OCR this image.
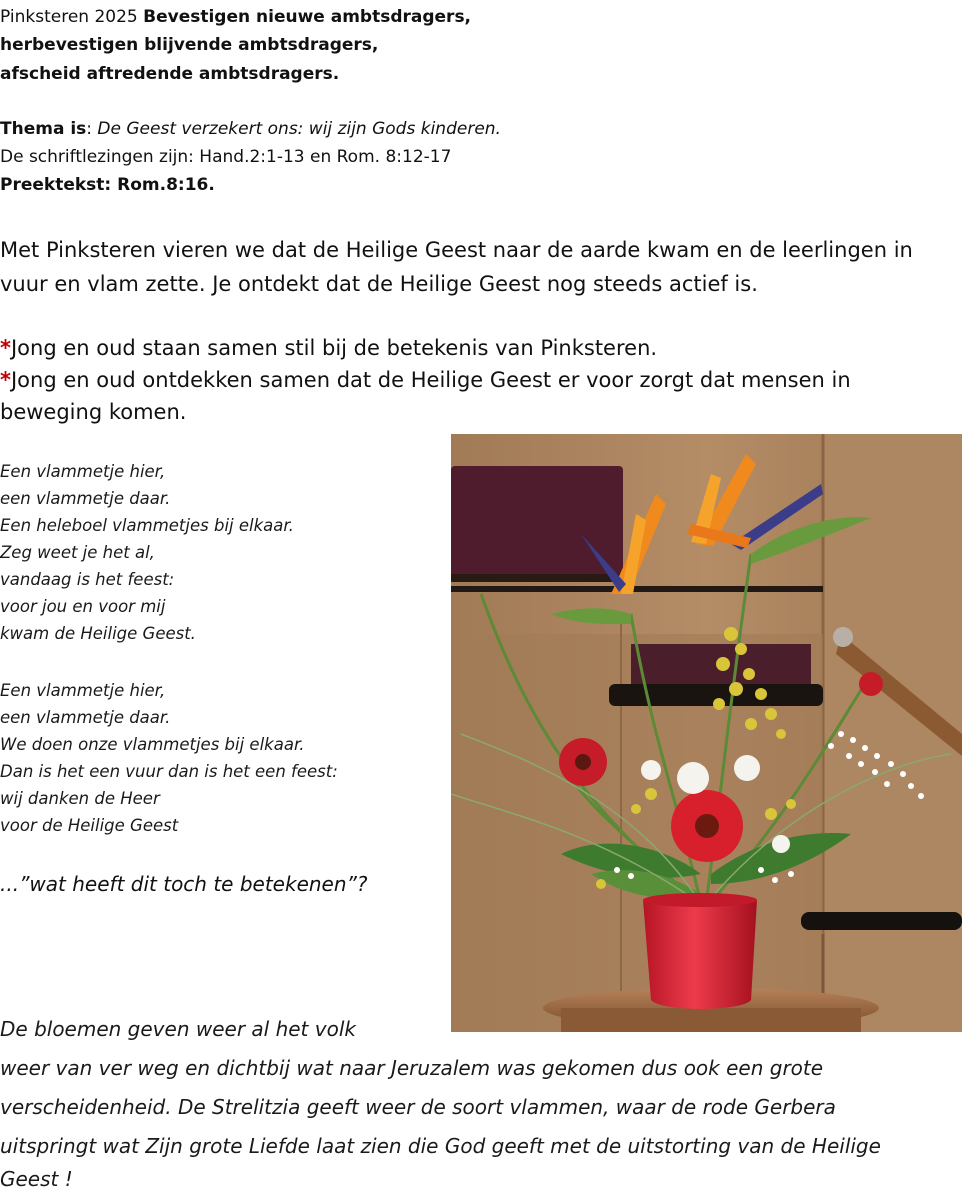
Pinksteren 2025 Bevestigen nieuwe ambtsdragers,
herbevestigen blijvende ambtsdragers,
afscheid aftredende ambtsdragers.
Thema is: De Geest verzekert ons: wij zijn Gods kinderen.
De schriftlezingen zijn: Hand.2:1-13 en Rom. 8:12-17
Preektekst: Rom.8:16.
Met Pinksteren vieren we dat de Heilige Geest naar de aarde kwam en de leerlingen in
vuur en vlam zette. Je ontdekt dat de Heilige Geest nog steeds actief is.
*Jong en oud staan samen stil bij de betekenis van Pinksteren.
*Jong en oud ontdekken samen dat de Heilige Geest er voor zorgt dat mensen in
beweging komen.
Een vlammetje hier,
een vlammetje daar.
Een heleboel vlammetjes bij elkaar.
Zeg weet je het al,
vandaag is het feest:
voor jou en voor mij
kwam de Heilige Geest.
Een vlammetje hier,
een vlammetje daar.
We doen onze vlammetjes bij elkaar.
Dan is het een vuur dan is het een feest:
wij danken de Heer
voor de Heilige Geest
...”wat heeft dit toch te betekenen”?
De bloemen geven weer al het volk
weer van ver weg en dichtbij wat naar Jeruzalem was gekomen dus ook een grote
verscheidenheid. De Strelitzia geeft weer de soort vlammen, waar de rode Gerbera
uitspringt wat Zijn grote Liefde laat zien die God geeft met de uitstorting van de Heilige
Geest !
